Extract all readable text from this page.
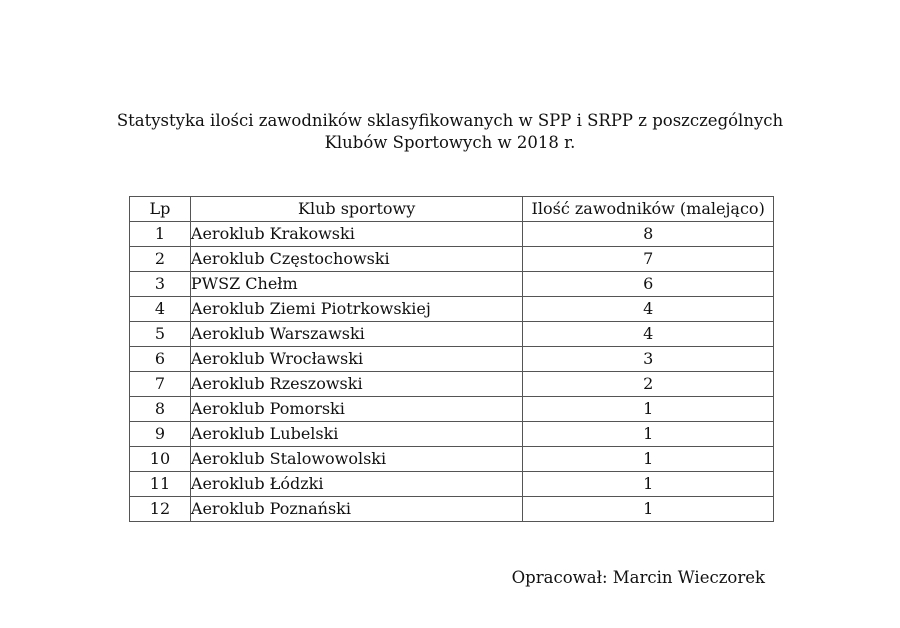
Statystyka ilości zawodników sklasyfikowanych w SPP i SRPP z poszczególnych
Klubów Sportowych w 2018 r.
Lp	Klub sportowy	Ilość zawodników (malejąco)
1	Aeroklub Krakowski	8
2	Aeroklub Częstochowski	7
3	PWSZ Chełm	6
4	Aeroklub Ziemi Piotrkowskiej	4
5	Aeroklub Warszawski	4
6	Aeroklub Wrocławski	3
7	Aeroklub Rzeszowski	2
8	Aeroklub Pomorski	1
9	Aeroklub Lubelski	1
10	Aeroklub Stalowowolski	1
11	Aeroklub Łódzki	1
12	Aeroklub Poznański	1
Opracował: Marcin Wieczorek
